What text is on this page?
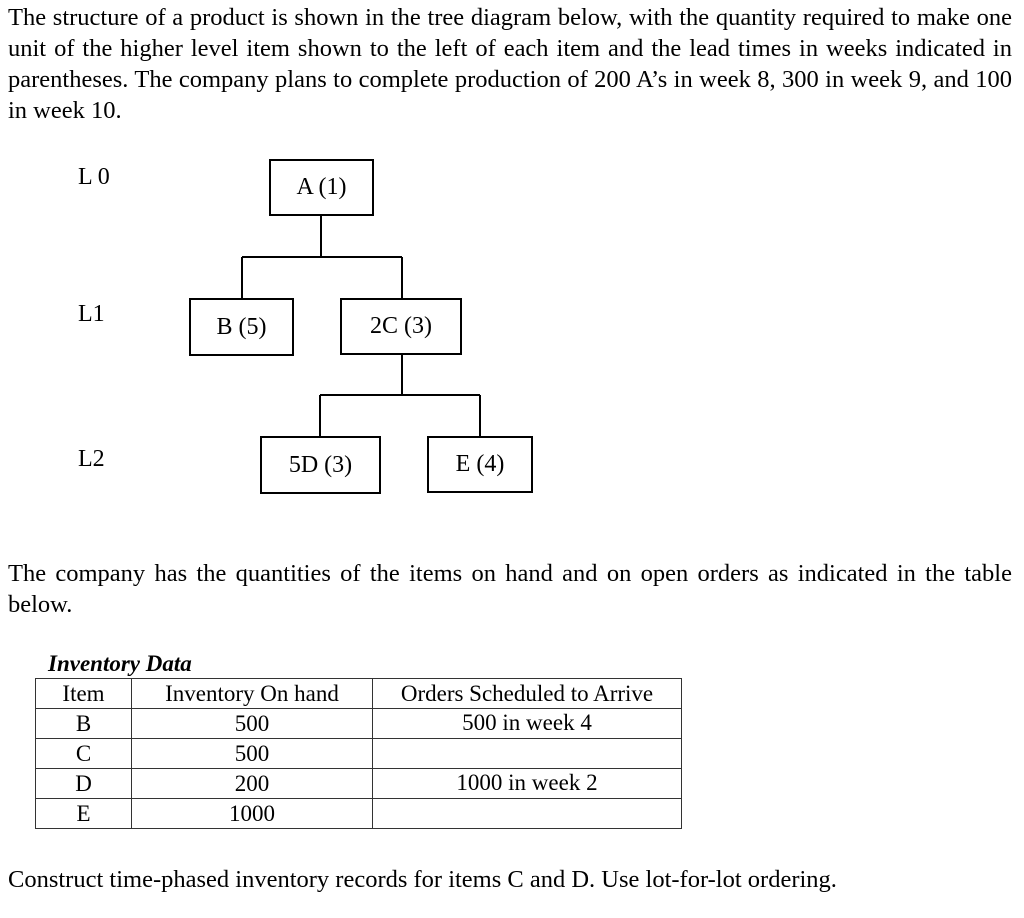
The structure of a product is shown in the tree diagram below, with the quantity required to make one unit of the higher level item shown to the left of each item and the lead times in weeks indicated in parentheses. The company plans to complete production of 200 A’s in week 8, 300 in week 9, and 100 in week 10.

L 0
L1
L2
A (1)
B (5)	2C (3)
5D (3)	E (4)

The company has the quantities of the items on hand and on open orders as indicated in the table below.

Inventory Data
Item	Inventory On hand	Orders Scheduled to Arrive
B	500	500 in week 4
C	500	
D	200	1000 in week 2
E	1000	

Construct time-phased inventory records for items C and D. Use lot-for-lot ordering.
